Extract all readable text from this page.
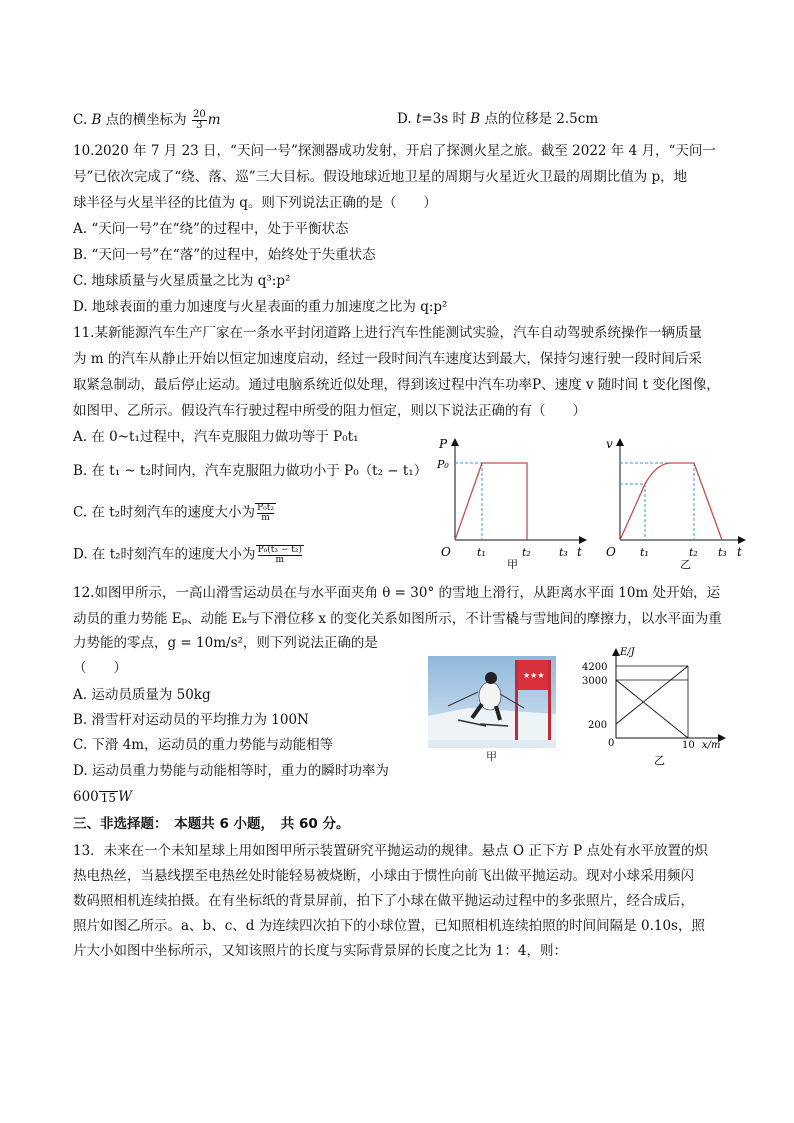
C. B 点的横坐标为 $\frac{20}{3}$ m	D. t=3s 时 B 点的位移是 2.5cm
10.2020 年 7 月 23 日，“天问一号”探测器成功发射，开启了探测火星之旅。截至 2022 年 4 月，“天问一
号”已依次完成了“绕、落、巡”三大目标。假设地球近地卫星的周期与火星近火卫最的周期比值为 p，地
球半径与火星半径的比值为 q。则下列说法正确的是（　　）
A. “天问一号”在“绕”的过程中，处于平衡状态
B. “天问一号”在“落”的过程中，始终处于失重状态
C. 地球质量与火星质量之比为 q³:p²
D. 地球表面的重力加速度与火星表面的重力加速度之比为 q:p²
11.某新能源汽车生产厂家在一条水平封闭道路上进行汽车性能测试实验，汽车自动驾驶系统操作一辆质量
为 m 的汽车从静止开始以恒定加速度启动，经过一段时间汽车速度达到最大，保持匀速行驶一段时间后采
取紧急制动，最后停止运动。通过电脑系统近似处理，得到该过程中汽车功率P、速度 v 随时间 t 变化图像，
如图甲、乙所示。假设汽车行驶过程中所受的阻力恒定，则以下说法正确的有（　　）
A. 在 0~t₁过程中，汽车克服阻力做功等于 P₀t₁
B. 在 t₁ ~ t₂时间内，汽车克服阻力做功小于 P₀（t₂ − t₁）
C. 在 t₂时刻汽车的速度大小为 $\frac{\text{P₀t₂}}{m}$
D. 在 t₂时刻汽车的速度大小为 $\frac{\text{P₀(t₃ − t₂)}}{m}$
P
P₀
O t₁	t₂	t₃ t
甲
v
O t₁	t₂ t₃ t
乙
12.如图甲所示，一高山滑雪运动员在与水平面夹角 θ = 30° 的雪地上滑行，从距离水平面 10m 处开始，运
动员的重力势能 Eₚ、动能 Eₖ与下滑位移 x 的变化关系如图所示，不计雪橇与雪地间的摩擦力，以水平面为重
力势能的零点，g = 10m/s²，则下列说法正确的是
（　　）
A. 运动员质量为 50kg
B. 滑雪杆对运动员的平均推力为 100N
C. 下滑 4m，运动员的重力势能与动能相等
D. 运动员重力势能与动能相等时，重力的瞬时功率为
600 15 W
★★★
甲
E/J
4200
3000
200
0	10 x/m
乙
三、非选择题：　本题共 6 小题，　共 60 分。
13．未来在一个未知星球上用如图甲所示装置研究平抛运动的规律。悬点 O 正下方 P 点处有水平放置的炽
热电热丝，当悬线摆至电热丝处时能轻易被烧断，小球由于惯性向前飞出做平抛运动。现对小球采用频闪
数码照相机连续拍摄。在有坐标纸的背景屏前，拍下了小球在做平抛运动过程中的多张照片，经合成后，
照片如图乙所示。a、b、c、d 为连续四次拍下的小球位置，已知照相机连续拍照的时间间隔是 0.10s，照
片大小如图中坐标所示，又知该照片的长度与实际背景屏的长度之比为 1：4，则：
